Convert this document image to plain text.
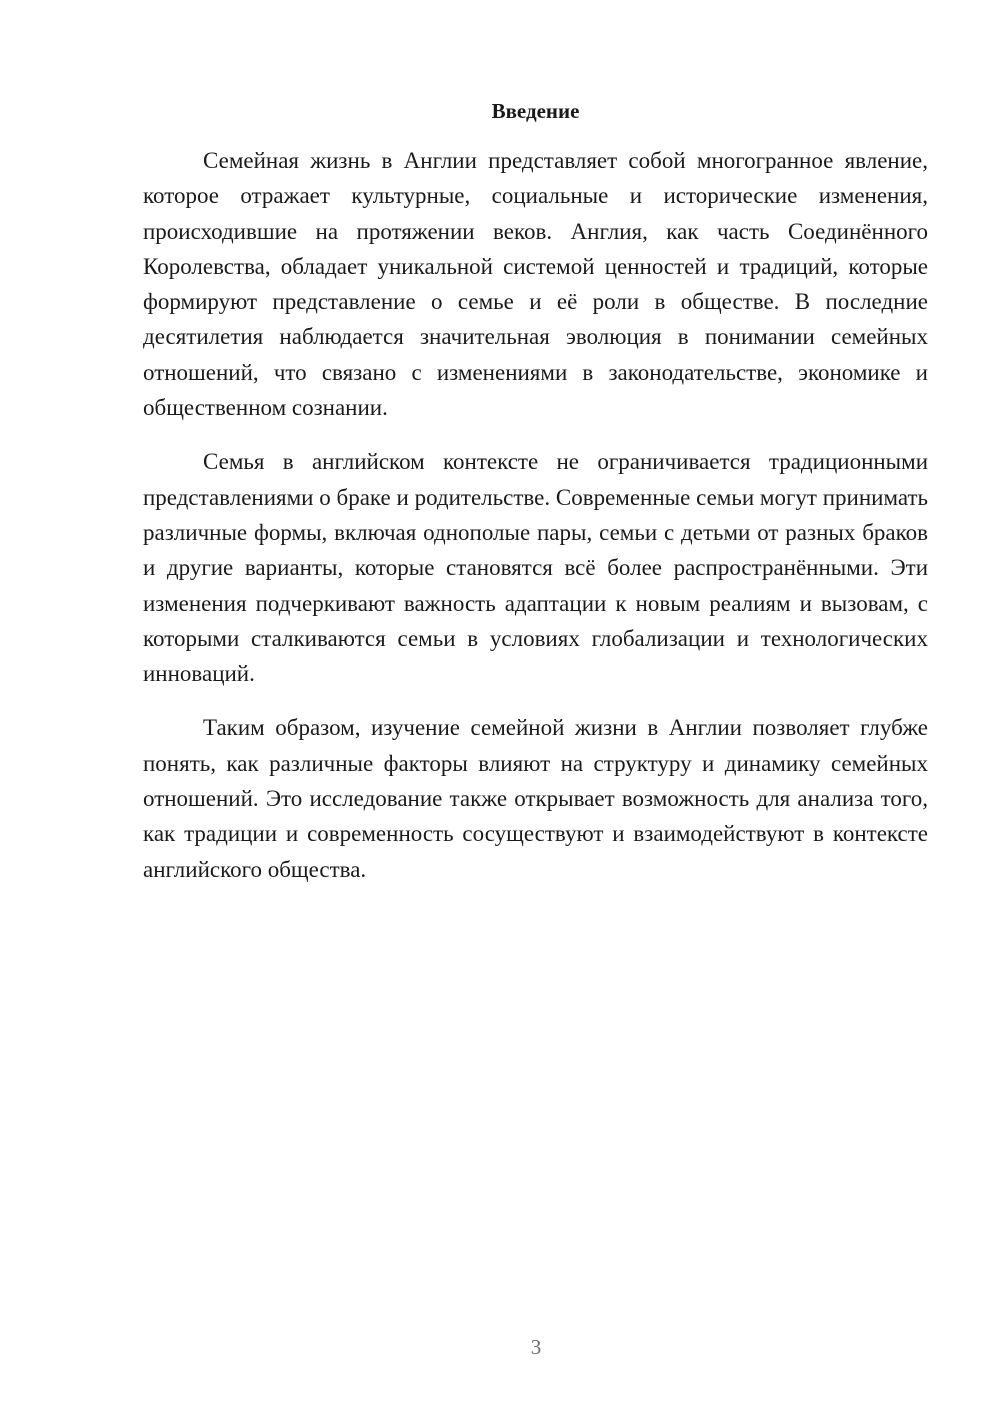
Введение

Семейная жизнь в Англии представляет собой многогранное явление, которое отражает культурные, социальные и исторические изменения, происходившие на протяжении веков. Англия, как часть Соединённого Королевства, обладает уникальной системой ценностей и традиций, которые формируют представление о семье и её роли в обществе. В последние десятилетия наблюдается значительная эволюция в понимании семейных отношений, что связано с изменениями в законодательстве, экономике и общественном сознании.

Семья в английском контексте не ограничивается традиционными представлениями о браке и родительстве. Современные семьи могут принимать различные формы, включая однополые пары, семьи с детьми от разных браков и другие варианты, которые становятся всё более распространёнными. Эти изменения подчеркивают важность адаптации к новым реалиям и вызовам, с которыми сталкиваются семьи в условиях глобализации и технологических инноваций.

Таким образом, изучение семейной жизни в Англии позволяет глубже понять, как различные факторы влияют на структуру и динамику семейных отношений. Это исследование также открывает возможность для анализа того, как традиции и современность сосуществуют и взаимодействуют в контексте английского общества.

3
